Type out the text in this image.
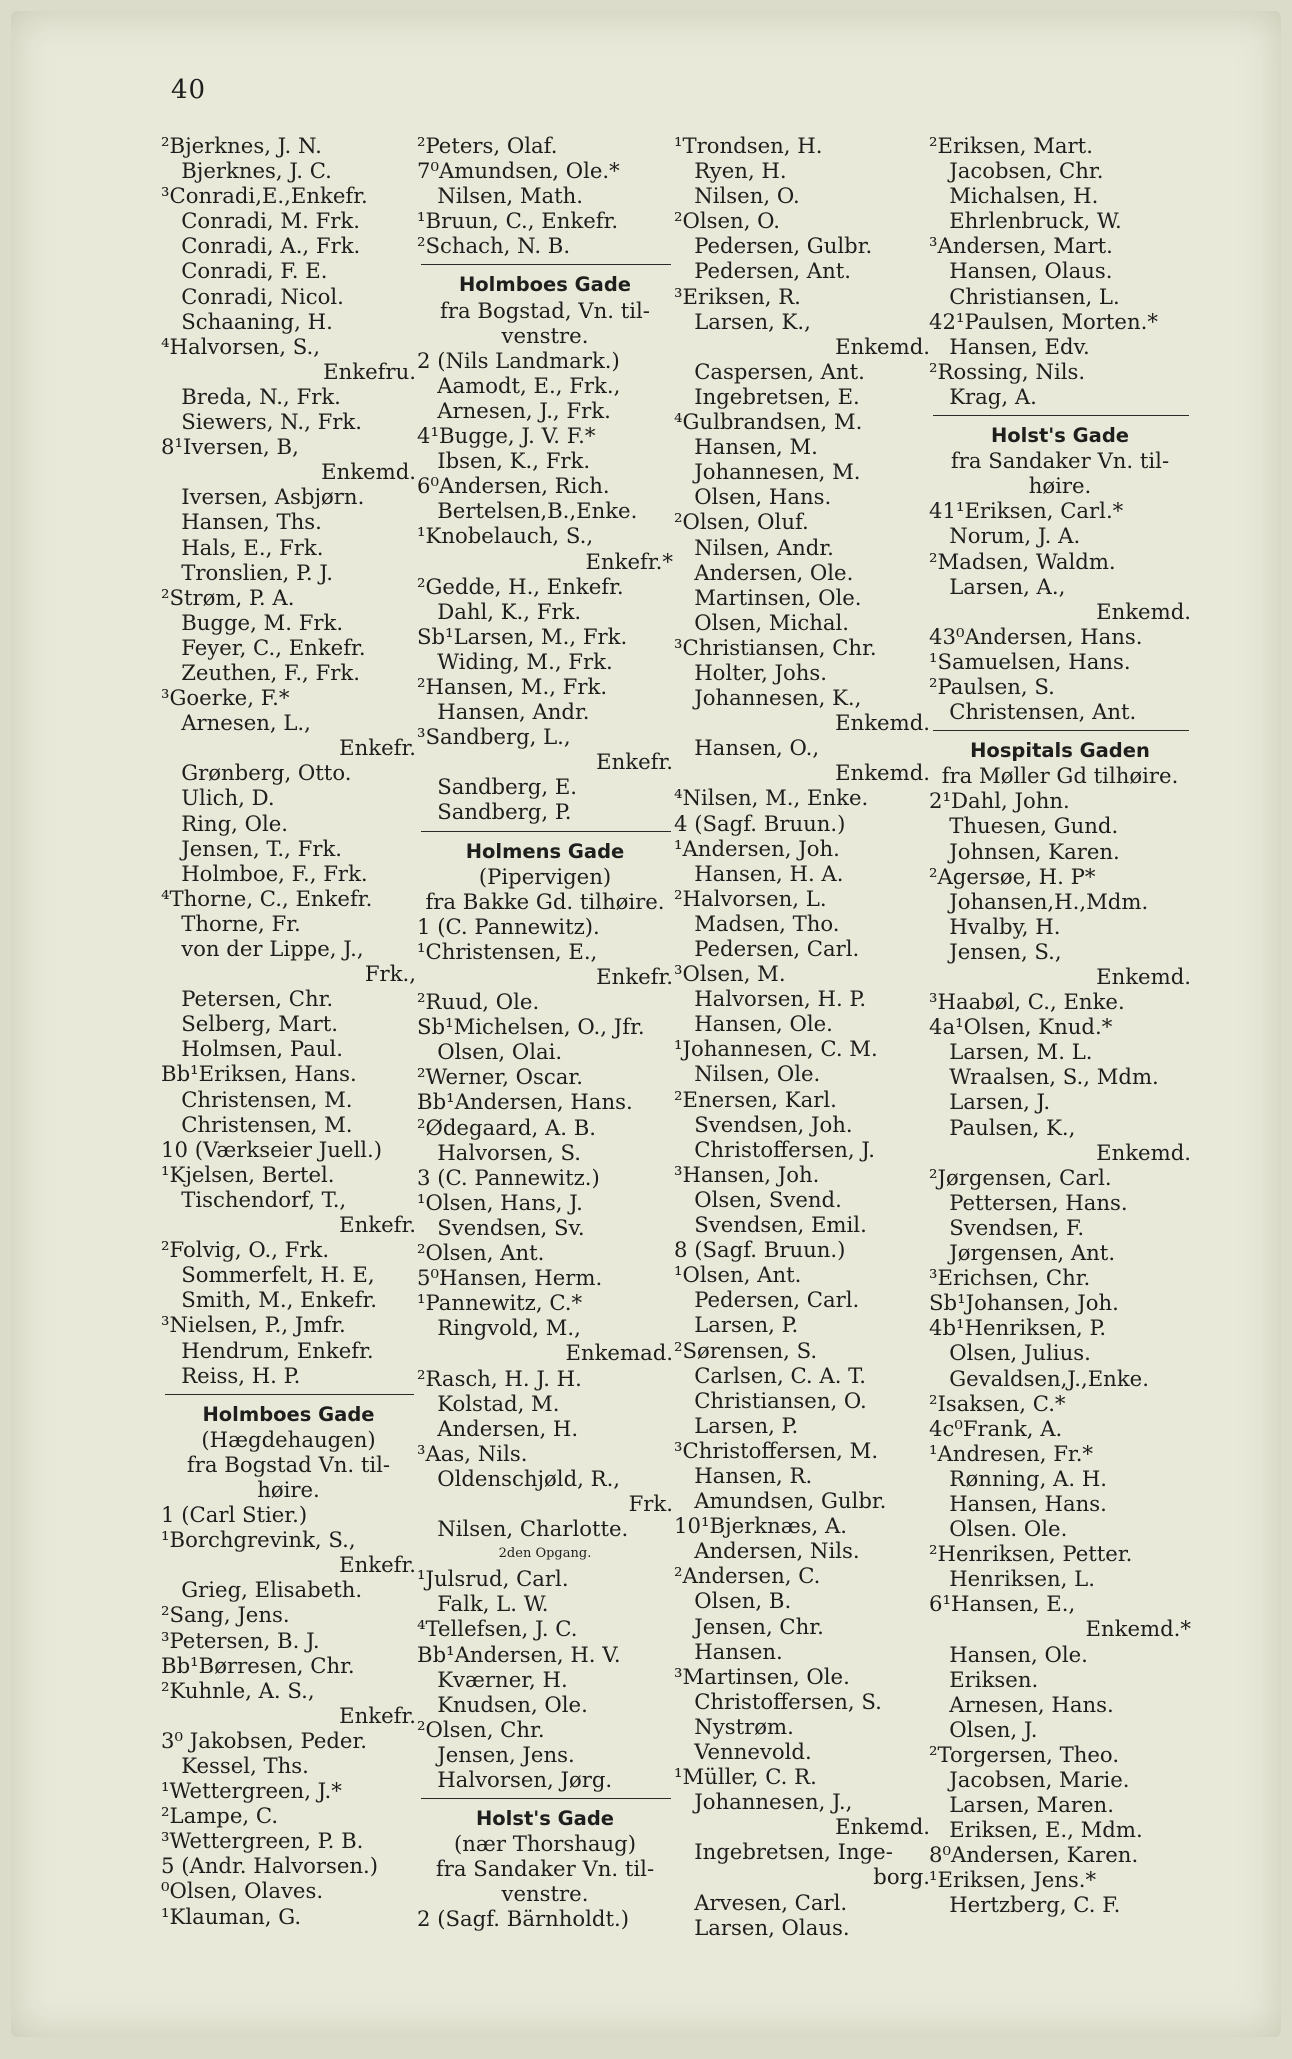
40
²Bjerknes, J. N.
Bjerknes, J. C.
³Conradi,E.,Enkefr.
Conradi, M. Frk.
Conradi, A., Frk.
Conradi, F. E.
Conradi, Nicol.
Schaaning, H.
⁴Halvorsen, S.,
Enkefru.
Breda, N., Frk.
Siewers, N., Frk.
8¹Iversen, B,
Enkemd.
Iversen, Asbjørn.
Hansen, Ths.
Hals, E., Frk.
Tronslien, P. J.
²Strøm, P. A.
Bugge, M. Frk.
Feyer, C., Enkefr.
Zeuthen, F., Frk.
³Goerke, F.*
Arnesen, L.,
Enkefr.
Grønberg, Otto.
Ulich, D.
Ring, Ole.
Jensen, T., Frk.
Holmboe, F., Frk.
⁴Thorne, C., Enkefr.
Thorne, Fr.
von der Lippe, J.,
Frk.,
Petersen, Chr.
Selberg, Mart.
Holmsen, Paul.
Bb¹Eriksen, Hans.
Christensen, M.
Christensen, M.
10 (Værkseier Juell.)
¹Kjelsen, Bertel.
Tischendorf, T.,
Enkefr.
²Folvig, O., Frk.
Sommerfelt, H. E,
Smith, M., Enkefr.
³Nielsen, P., Jmfr.
Hendrum, Enkefr.
Reiss, H. P.
Holmboes Gade
(Hægdehaugen)
fra Bogstad Vn. til-
høire.
1 (Carl Stier.)
¹Borchgrevink, S.,
Enkefr.
Grieg, Elisabeth.
²Sang, Jens.
³Petersen, B. J.
Bb¹Børresen, Chr.
²Kuhnle, A. S.,
Enkefr.
3⁰ Jakobsen, Peder.
Kessel, Ths.
¹Wettergreen, J.*
²Lampe, C.
³Wettergreen, P. B.
5 (Andr. Halvorsen.)
⁰Olsen, Olaves.
¹Klauman, G.
²Peters, Olaf.
7⁰Amundsen, Ole.*
Nilsen, Math.
¹Bruun, C., Enkefr.
²Schach, N. B.
Holmboes Gade
fra Bogstad, Vn. til-
venstre.
2 (Nils Landmark.)
Aamodt, E., Frk.,
Arnesen, J., Frk.
4¹Bugge, J. V. F.*
Ibsen, K., Frk.
6⁰Andersen, Rich.
Bertelsen,B.,Enke.
¹Knobelauch, S.,
Enkefr.*
²Gedde, H., Enkefr.
Dahl, K., Frk.
Sb¹Larsen, M., Frk.
Widing, M., Frk.
²Hansen, M., Frk.
Hansen, Andr.
³Sandberg, L.,
Enkefr.
Sandberg, E.
Sandberg, P.
Holmens Gade
(Pipervigen)
fra Bakke Gd. tilhøire.
1 (C. Pannewitz).
¹Christensen, E.,
Enkefr.
²Ruud, Ole.
Sb¹Michelsen, O., Jfr.
Olsen, Olai.
²Werner, Oscar.
Bb¹Andersen, Hans.
²Ødegaard, A. B.
Halvorsen, S.
3 (C. Pannewitz.)
¹Olsen, Hans, J.
Svendsen, Sv.
²Olsen, Ant.
5⁰Hansen, Herm.
¹Pannewitz, C.*
Ringvold, M.,
Enkemad.
²Rasch, H. J. H.
Kolstad, M.
Andersen, H.
³Aas, Nils.
Oldenschjøld, R.,
Frk.
Nilsen, Charlotte.
2den Opgang.
¹Julsrud, Carl.
Falk, L. W.
⁴Tellefsen, J. C.
Bb¹Andersen, H. V.
Kværner, H.
Knudsen, Ole.
²Olsen, Chr.
Jensen, Jens.
Halvorsen, Jørg.
Holst's Gade
(nær Thorshaug)
fra Sandaker Vn. til-
venstre.
2 (Sagf. Bärnholdt.)
¹Trondsen, H.
Ryen, H.
Nilsen, O.
²Olsen, O.
Pedersen, Gulbr.
Pedersen, Ant.
³Eriksen, R.
Larsen, K.,
Enkemd.
Caspersen, Ant.
Ingebretsen, E.
⁴Gulbrandsen, M.
Hansen, M.
Johannesen, M.
Olsen, Hans.
²Olsen, Oluf.
Nilsen, Andr.
Andersen, Ole.
Martinsen, Ole.
Olsen, Michal.
³Christiansen, Chr.
Holter, Johs.
Johannesen, K.,
Enkemd.
Hansen, O.,
Enkemd.
⁴Nilsen, M., Enke.
4 (Sagf. Bruun.)
¹Andersen, Joh.
Hansen, H. A.
²Halvorsen, L.
Madsen, Tho.
Pedersen, Carl.
³Olsen, M.
Halvorsen, H. P.
Hansen, Ole.
¹Johannesen, C. M.
Nilsen, Ole.
²Enersen, Karl.
Svendsen, Joh.
Christoffersen, J.
³Hansen, Joh.
Olsen, Svend.
Svendsen, Emil.
8 (Sagf. Bruun.)
¹Olsen, Ant.
Pedersen, Carl.
Larsen, P.
²Sørensen, S.
Carlsen, C. A. T.
Christiansen, O.
Larsen, P.
³Christoffersen, M.
Hansen, R.
Amundsen, Gulbr.
10¹Bjerknæs, A.
Andersen, Nils.
²Andersen, C.
Olsen, B.
Jensen, Chr.
Hansen.
³Martinsen, Ole.
Christoffersen, S.
Nystrøm.
Vennevold.
¹Müller, C. R.
Johannesen, J.,
Enkemd.
Ingebretsen, Inge-
borg.
Arvesen, Carl.
Larsen, Olaus.
²Eriksen, Mart.
Jacobsen, Chr.
Michalsen, H.
Ehrlenbruck, W.
³Andersen, Mart.
Hansen, Olaus.
Christiansen, L.
42¹Paulsen, Morten.*
Hansen, Edv.
²Rossing, Nils.
Krag, A.
Holst's Gade
fra Sandaker Vn. til-
høire.
41¹Eriksen, Carl.*
Norum, J. A.
²Madsen, Waldm.
Larsen, A.,
Enkemd.
43⁰Andersen, Hans.
¹Samuelsen, Hans.
²Paulsen, S.
Christensen, Ant.
Hospitals Gaden
fra Møller Gd tilhøire.
2¹Dahl, John.
Thuesen, Gund.
Johnsen, Karen.
²Agersøe, H. P*
Johansen,H.,Mdm.
Hvalby, H.
Jensen, S.,
Enkemd.
³Haabøl, C., Enke.
4a¹Olsen, Knud.*
Larsen, M. L.
Wraalsen, S., Mdm.
Larsen, J.
Paulsen, K.,
Enkemd.
²Jørgensen, Carl.
Pettersen, Hans.
Svendsen, F.
Jørgensen, Ant.
³Erichsen, Chr.
Sb¹Johansen, Joh.
4b¹Henriksen, P.
Olsen, Julius.
Gevaldsen,J.,Enke.
²Isaksen, C.*
4c⁰Frank, A.
¹Andresen, Fr.*
Rønning, A. H.
Hansen, Hans.
Olsen. Ole.
²Henriksen, Petter.
Henriksen, L.
6¹Hansen, E.,
Enkemd.*
Hansen, Ole.
Eriksen.
Arnesen, Hans.
Olsen, J.
²Torgersen, Theo.
Jacobsen, Marie.
Larsen, Maren.
Eriksen, E., Mdm.
8⁰Andersen, Karen.
¹Eriksen, Jens.*
Hertzberg, C. F.
